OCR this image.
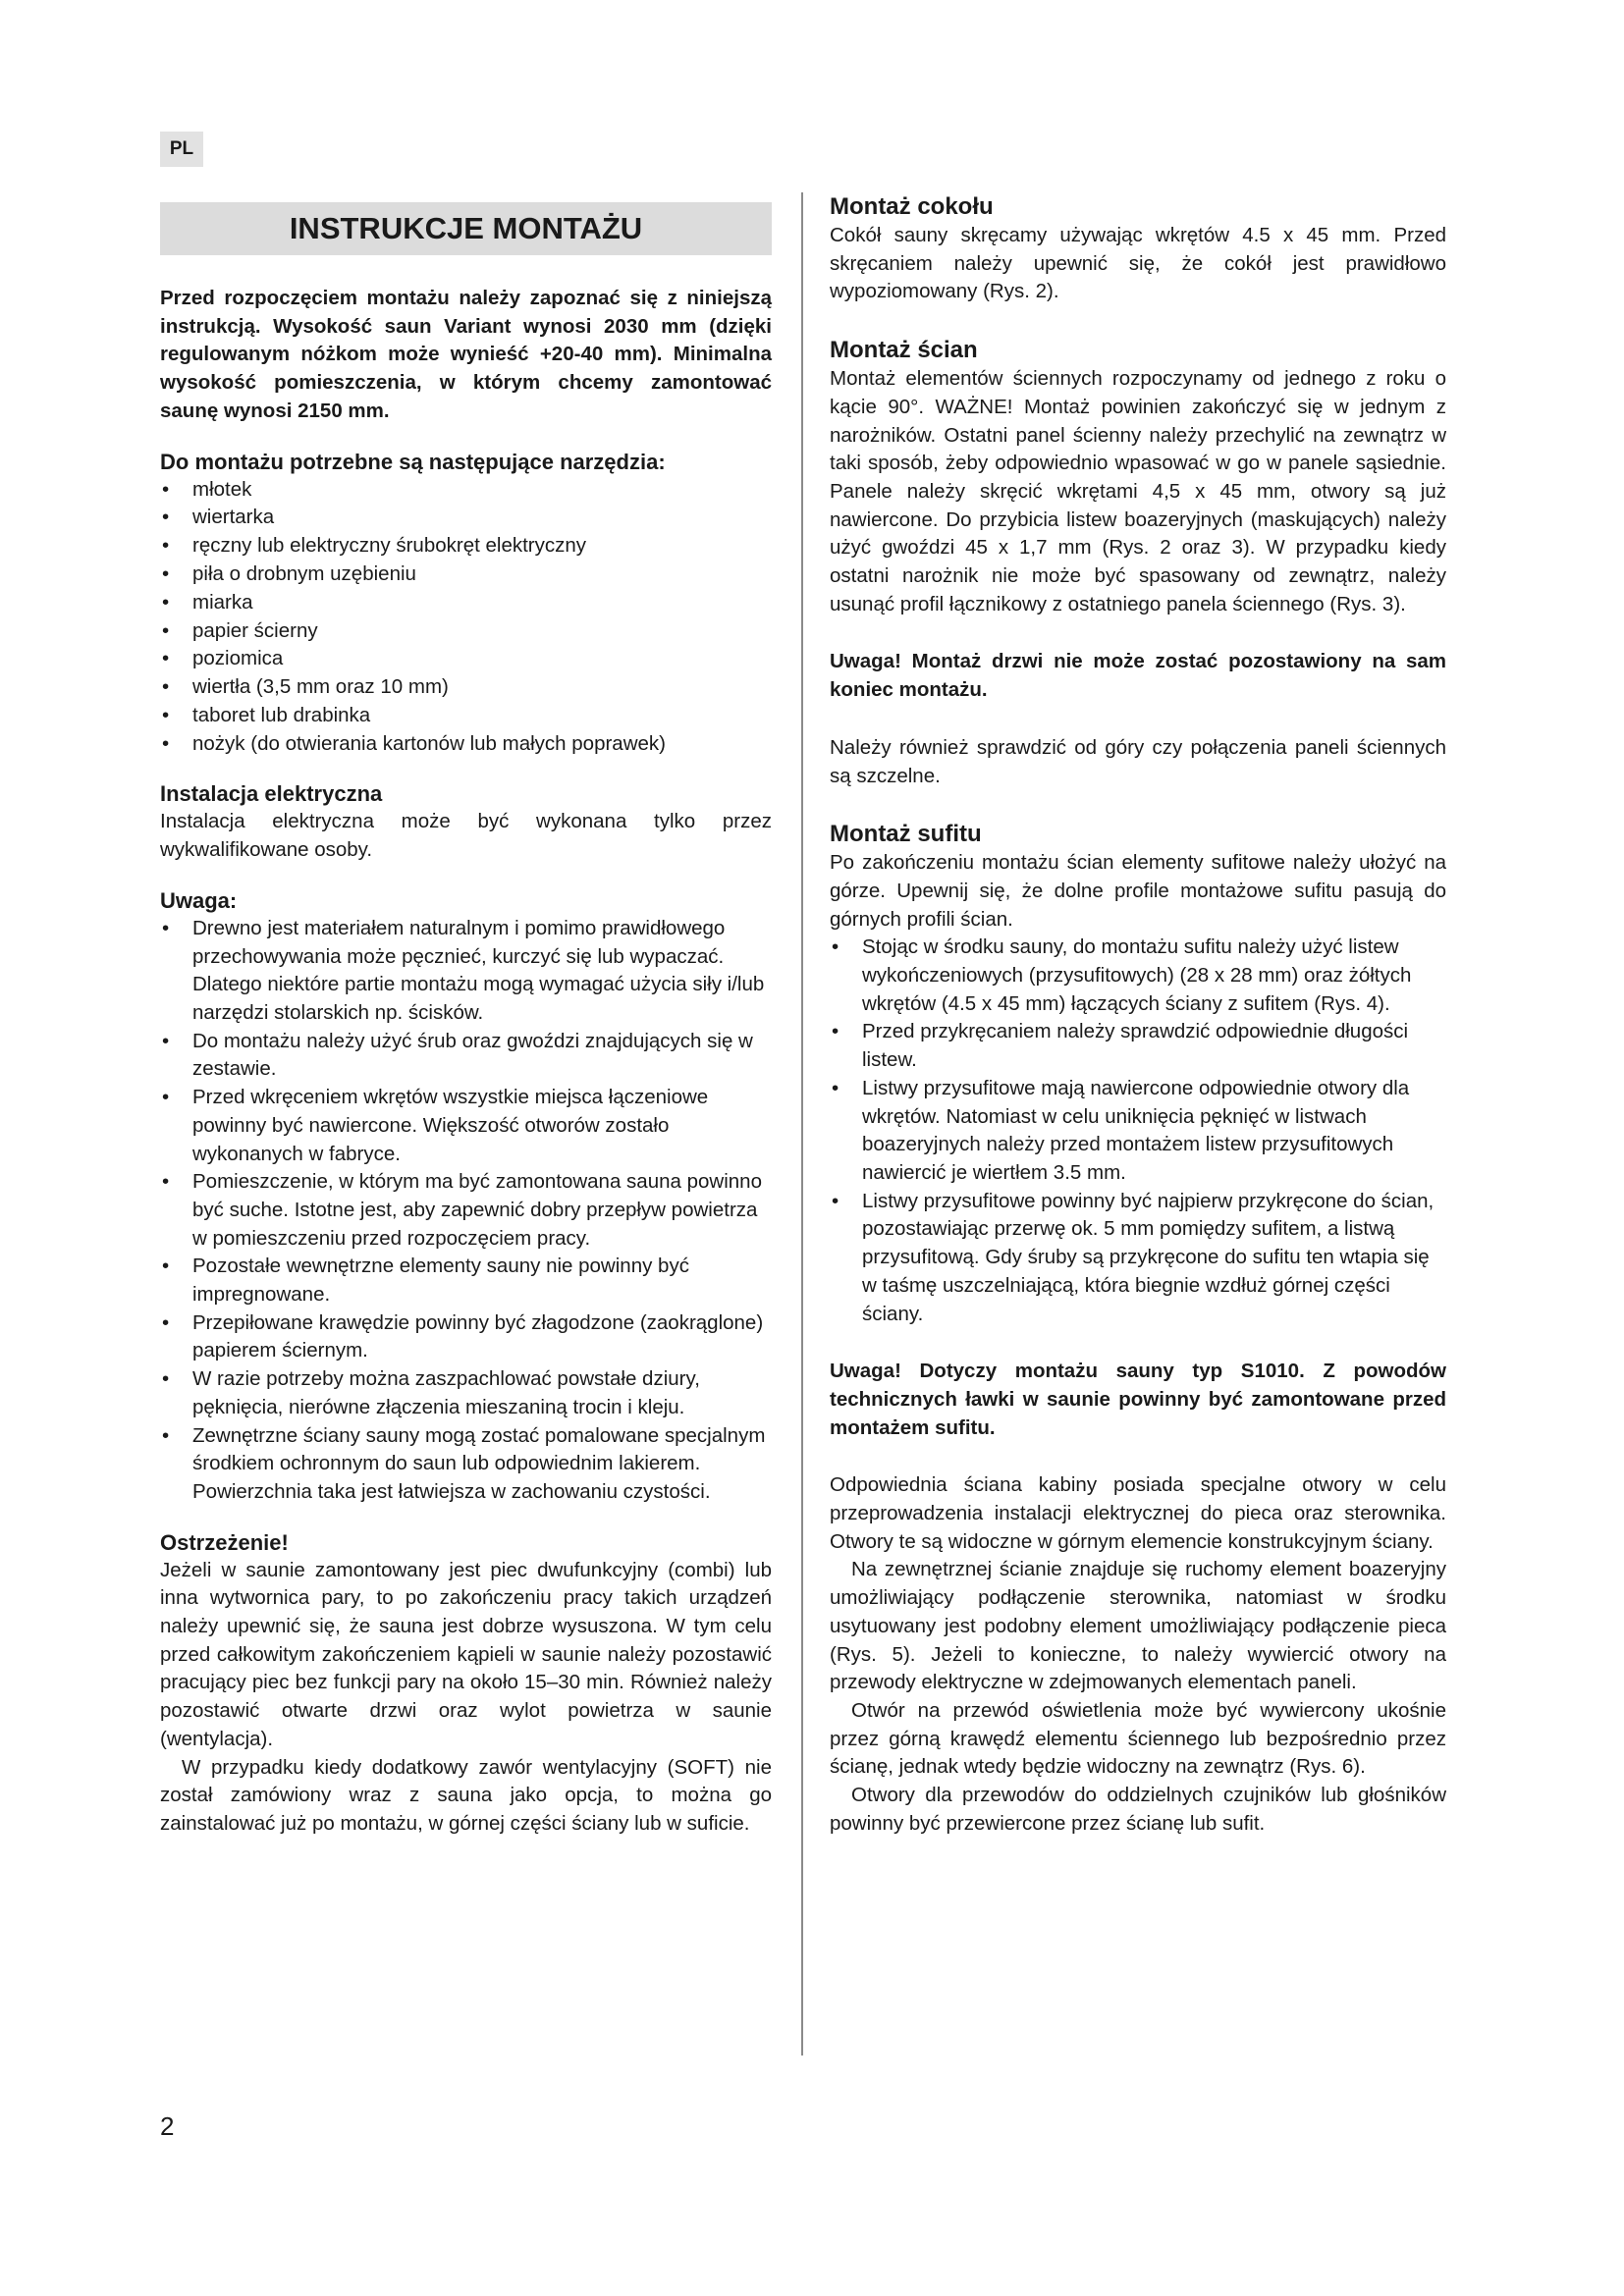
PL
INSTRUKCJE MONTAŻU

Przed rozpoczęciem montażu należy zapoznać się z niniejszą instrukcją. Wysokość saun Variant wynosi 2030 mm (dzięki regulowanym nóżkom może wynieść +20-40 mm). Minimalna wysokość pomieszczenia, w którym chcemy zamontować saunę wynosi 2150 mm.

Do montażu potrzebne są następujące narzędzia:
• młotek
• wiertarka
• ręczny lub elektryczny śrubokręt elektryczny
• piła o drobnym uzębieniu
• miarka
• papier ścierny
• poziomica
• wiertła (3,5 mm oraz 10 mm)
• taboret lub drabinka
• nożyk (do otwierania kartonów lub małych poprawek)
Instalacja elektryczna

Instalacja elektryczna może być wykonana tylko przez wykwalifikowane osoby.

Uwaga:
• Drewno jest materiałem naturalnym i pomimo prawidłowego przechowywania może pęcznieć, kurczyć się lub wypaczać. Dlatego niektóre partie montażu mogą wymagać użycia siły i/lub narzędzi stolarskich np. ścisków.
• Do montażu należy użyć śrub oraz gwoździ znajdujących się w zestawie.
• Przed wkręceniem wkrętów wszystkie miejsca łączeniowe powinny być nawiercone. Większość otworów zostało wykonanych w fabryce.
• Pomieszczenie, w którym ma być zamontowana sauna powinno być suche. Istotne jest, aby zapewnić dobry przepływ powietrza w pomieszczeniu przed rozpoczęciem pracy.
• Pozostałe wewnętrzne elementy sauny nie powinny być impregnowane.
• Przepiłowane krawędzie powinny być złagodzone (zaokrąglone) papierem ściernym.
• W razie potrzeby można zaszpachlować powstałe dziury, pęknięcia, nierówne złączenia mieszaniną trocin i kleju.
• Zewnętrzne ściany sauny mogą zostać pomalowane specjalnym środkiem ochronnym do saun lub odpowiednim lakierem. Powierzchnia taka jest łatwiejsza w zachowaniu czystości.
Ostrzeżenie!

Jeżeli w saunie zamontowany jest piec dwufunkcyjny (combi) lub inna wytwornica pary, to po zakończeniu pracy takich urządzeń należy upewnić się, że sauna jest dobrze wysuszona. W tym celu przed całkowitym zakończeniem kąpieli w saunie należy pozostawić pracujący piec bez funkcji pary na około 15–30 min. Również należy pozostawić otwarte drzwi oraz wylot powietrza w saunie (wentylacja).

W przypadku kiedy dodatkowy zawór wentylacyjny (SOFT) nie został zamówiony wraz z sauna jako opcja, to można go zainstalować już po montażu, w górnej części ściany lub w suficie.

Montaż cokołu

Cokół sauny skręcamy używając wkrętów 4.5 x 45 mm. Przed skręcaniem należy upewnić się, że cokół jest prawidłowo wypoziomowany (Rys. 2).

Montaż ścian

Montaż elementów ściennych rozpoczynamy od jednego z roku o kącie 90°. WAŻNE! Montaż powinien zakończyć się w jednym z narożników. Ostatni panel ścienny należy przechylić na zewnątrz w taki sposób, żeby odpowiednio wpasować w go w panele sąsiednie. Panele należy skręcić wkrętami 4,5 x 45 mm, otwory są już nawiercone. Do przybicia listew boazeryjnych (maskujących) należy użyć gwoździ 45 x 1,7 mm (Rys. 2 oraz 3). W przypadku kiedy ostatni narożnik nie może być spasowany od zewnątrz, należy usunąć profil łącznikowy z ostatniego panela ściennego (Rys. 3).

Uwaga! Montaż drzwi nie może zostać pozostawiony na sam koniec montażu.

Należy również sprawdzić od góry czy połączenia paneli ściennych są szczelne.

Montaż sufitu

Po zakończeniu montażu ścian elementy sufitowe należy ułożyć na górze. Upewnij się, że dolne profile montażowe sufitu pasują do górnych profili ścian.

• Stojąc w środku sauny, do montażu sufitu należy użyć listew wykończeniowych (przysufitowych) (28 x 28 mm) oraz żółtych wkrętów (4.5 x 45 mm) łączących ściany z sufitem (Rys. 4).
• Przed przykręcaniem należy sprawdzić odpowiednie długości listew.
• Listwy przysufitowe mają nawiercone odpowiednie otwory dla wkrętów. Natomiast w celu uniknięcia pęknięć w listwach boazeryjnych należy przed montażem listew przysufitowych nawiercić je wiertłem 3.5 mm.
• Listwy przysufitowe powinny być najpierw przykręcone do ścian, pozostawiając przerwę ok. 5 mm pomiędzy sufitem, a listwą przysufitową. Gdy śruby są przykręcone do sufitu ten wtapia się w taśmę uszczelniającą, która biegnie wzdłuż górnej części ściany.

Uwaga! Dotyczy montażu sauny typ S1010. Z powodów technicznych ławki w saunie powinny być zamontowane przed montażem sufitu.

Odpowiednia ściana kabiny posiada specjalne otwory w celu przeprowadzenia instalacji elektrycznej do pieca oraz sterownika. Otwory te są widoczne w górnym elemencie konstrukcyjnym ściany.

Na zewnętrznej ścianie znajduje się ruchomy element boazeryjny umożliwiający podłączenie sterownika, natomiast w środku usytuowany jest podobny element umożliwiający podłączenie pieca (Rys. 5). Jeżeli to konieczne, to należy wywiercić otwory na przewody elektryczne w zdejmowanych elementach paneli.

Otwór na przewód oświetlenia może być wywiercony ukośnie przez górną krawędź elementu ściennego lub bezpośrednio przez ścianę, jednak wtedy będzie widoczny na zewnątrz (Rys. 6).

Otwory dla przewodów do oddzielnych czujników lub głośników powinny być przewiercone przez ścianę lub sufit.

2
